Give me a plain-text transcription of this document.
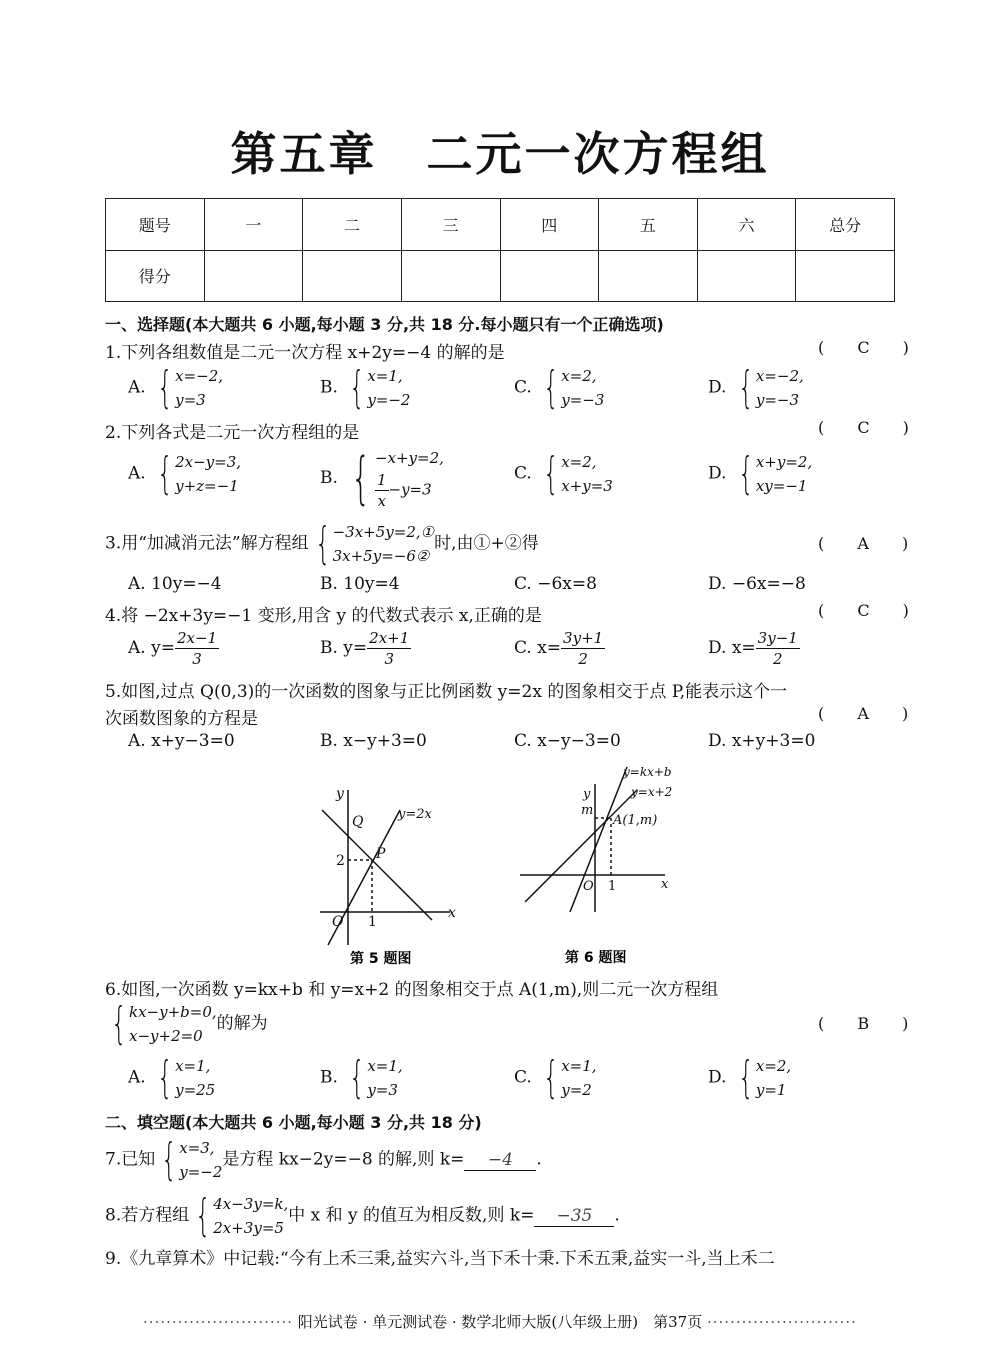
第五章　二元一次方程组
题号	一	二	三	四	五	六	总分
得分							
一、选择题(本大题共 6 小题,每小题 3 分,共 18 分.每小题只有一个正确选项)
1.下列各组数值是二元一次方程 x+2y=−4 的解的是	( C )
A. { x=−2,
y=3
B. { x=1,
y=−2
C. { x=2,
y=−3
D. { x=−2,
y=−3
2.下列各式是二元一次方程组的是	( C )
A. { 2x−y=3,
y+z=−1	B. { −x+y=2,
$\frac{1}{x} -y=3$
C. { x=2,
x+y=3
D. { x+y=2,
xy=−1
3.用“加减消元法”解方程组 { −3x+5y=2,①
3x+5y=−6②
时,由①+②得	( A )
A. 10y=−4	B. 10y=4	C. −6x=8	D. −6x=−8
4.将 −2x+3y=−1 变形,用含 y 的代数式表示 x,正确的是	( C )
A. $y= \frac{2x-1}{3}$	B. $y= \frac{2x+1}{3}$	C. $x= \frac{3y+1}{2}$	D. $x= \frac{3y-1}{2}$
5.如图,过点 Q(0,3)的一次函数的图象与正比例函数 y=2x 的图象相交于点 P,能表示这个一
次函数图象的方程是	( A )
A. x+y−3=0	B. x−y+3=0	C. x−y−3=0	D. x+y+3=0
y
x
O
Q
P
2
1
y=2x
第 5 题图
y
x
O
m
1
A(1,m)
y=kx+b
y=x+2
第 6 题图
6.如图,一次函数 y=kx+b 和 y=x+2 的图象相交于点 A(1,m),则二元一次方程组
{ kx−y+b=0,
x−y+2=0
的解为	( B )
A. { x=1,
y=25
B. { x=1,
y=3
C. { x=1,
y=2
D. { x=2,
y=1
二、填空题(本大题共 6 小题,每小题 3 分,共 18 分)
7.已知 { x=3,
y=−2
是方程 kx−2y=−8 的解,则 k= −4 .
8.若方程组 { 4x−3y=k,
2x+3y=5
中 x 和 y 的值互为相反数,则 k= −35 .
9.《九章算术》中记载:“今有上禾三秉,益实六斗,当下禾十秉.下禾五秉,益实一斗,当上禾二
·························· 阳光试卷 · 单元测试卷 · 数学北师大版(八年级上册)　第37页 ··························
